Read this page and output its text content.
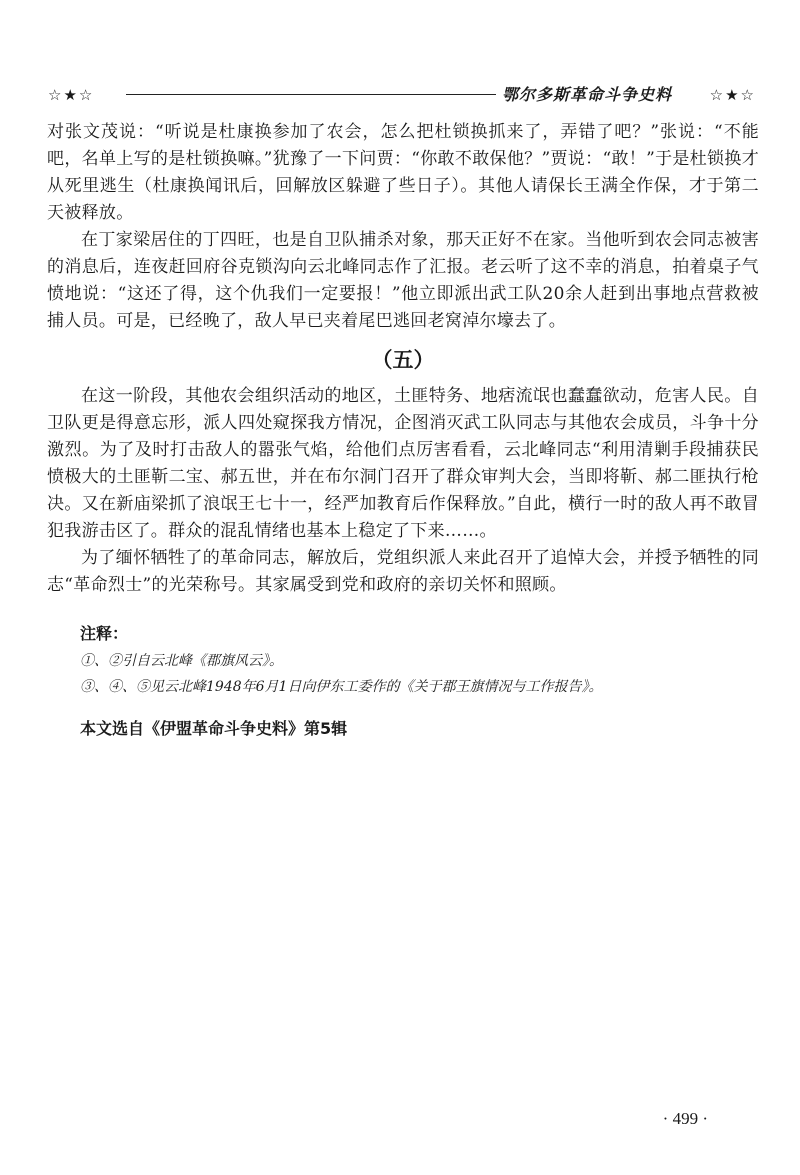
☆★☆	鄂尔多斯革命斗争史料	☆★☆

对张文茂说：“听说是杜康换参加了农会，怎么把杜锁换抓来了，弄错了吧？”张说：“不能吧，名单上写的是杜锁换嘛。”犹豫了一下问贾：“你敢不敢保他？”贾说：“敢！”于是杜锁换才从死里逃生（杜康换闻讯后，回解放区躲避了些日子）。其他人请保长王满全作保，才于第二天被释放。

在丁家梁居住的丁四旺，也是自卫队捕杀对象，那天正好不在家。当他听到农会同志被害的消息后，连夜赶回府谷克锁沟向云北峰同志作了汇报。老云听了这不幸的消息，拍着桌子气愤地说：“这还了得，这个仇我们一定要报！”他立即派出武工队20余人赶到出事地点营救被捕人员。可是，已经晚了，敌人早已夹着尾巴逃回老窝淖尔壕去了。

（五）

在这一阶段，其他农会组织活动的地区，土匪特务、地痞流氓也蠢蠢欲动，危害人民。自卫队更是得意忘形，派人四处窥探我方情况，企图消灭武工队同志与其他农会成员，斗争十分激烈。为了及时打击敌人的嚣张气焰，给他们点厉害看看，云北峰同志“利用清剿手段捕获民愤极大的土匪靳二宝、郝五世，并在布尔洞门召开了群众审判大会，当即将靳、郝二匪执行枪决。又在新庙梁抓了浪氓王七十一，经严加教育后作保释放。”自此，横行一时的敌人再不敢冒犯我游击区了。群众的混乱情绪也基本上稳定了下来……。

为了缅怀牺牲了的革命同志，解放后，党组织派人来此召开了追悼大会，并授予牺牲的同志“革命烈士”的光荣称号。其家属受到党和政府的亲切关怀和照顾。

注释：
①、②引自云北峰《郡旗风云》。
③、④、⑤见云北峰1948年6月1日向伊东工委作的《关于郡王旗情况与工作报告》。
本文选自《伊盟革命斗争史料》第5辑
· 499 ·
